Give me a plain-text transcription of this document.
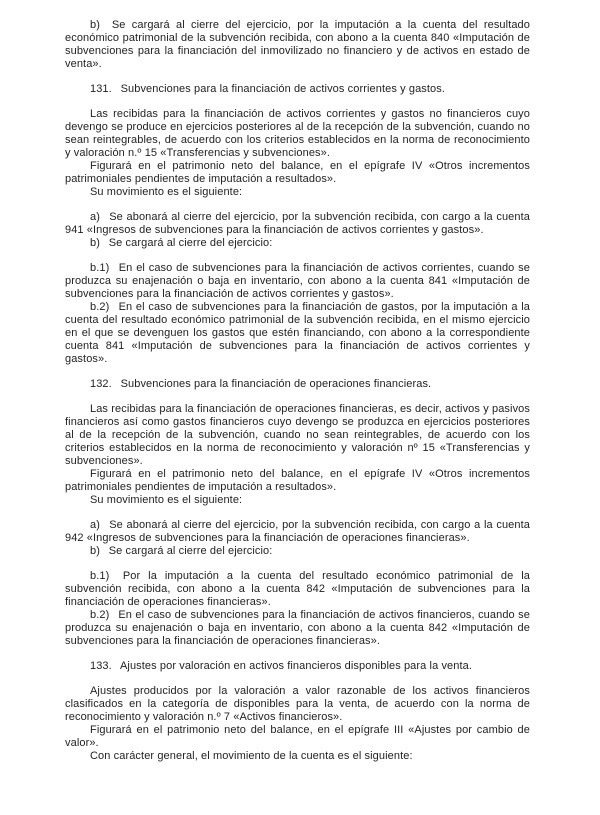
b)  Se cargará al cierre del ejercicio, por la imputación a la cuenta del resultado económico patrimonial de la subvención recibida, con abono a la cuenta 840 «Imputación de subvenciones para la financiación del inmovilizado no financiero y de activos en estado de venta».

131.  Subvenciones para la financiación de activos corrientes y gastos.

Las recibidas para la financiación de activos corrientes y gastos no financieros cuyo devengo se produce en ejercicios posteriores al de la recepción de la subvención, cuando no sean reintegrables, de acuerdo con los criterios establecidos en la norma de reconocimiento y valoración n.º 15 «Transferencias y subvenciones».

Figurará en el patrimonio neto del balance, en el epígrafe IV «Otros incrementos patrimoniales pendientes de imputación a resultados».

Su movimiento es el siguiente:

a)  Se abonará al cierre del ejercicio, por la subvención recibida, con cargo a la cuenta 941 «Ingresos de subvenciones para la financiación de activos corrientes y gastos».

b)  Se cargará al cierre del ejercicio:

b.1)  En el caso de subvenciones para la financiación de activos corrientes, cuando se produzca su enajenación o baja en inventario, con abono a la cuenta 841 «Imputación de subvenciones para la financiación de activos corrientes y gastos».

b.2)  En el caso de subvenciones para la financiación de gastos, por la imputación a la cuenta del resultado económico patrimonial de la subvención recibida, en el mismo ejercicio en el que se devenguen los gastos que estén financiando, con abono a la correspondiente cuenta 841 «Imputación de subvenciones para la financiación de activos corrientes y gastos».

132.  Subvenciones para la financiación de operaciones financieras.

Las recibidas para la financiación de operaciones financieras, es decir, activos y pasivos financieros así como gastos financieros cuyo devengo se produzca en ejercicios posteriores al de la recepción de la subvención, cuando no sean reintegrables, de acuerdo con los criterios establecidos en la norma de reconocimiento y valoración nº 15 «Transferencias y subvenciones».

Figurará en el patrimonio neto del balance, en el epígrafe IV «Otros incrementos patrimoniales pendientes de imputación a resultados».

Su movimiento es el siguiente:

a)  Se abonará al cierre del ejercicio, por la subvención recibida, con cargo a la cuenta 942 «Ingresos de subvenciones para la financiación de operaciones financieras».

b)  Se cargará al cierre del ejercicio:

b.1)  Por la imputación a la cuenta del resultado económico patrimonial de la subvención recibida, con abono a la cuenta 842 «Imputación de subvenciones para la financiación de operaciones financieras».

b.2)  En el caso de subvenciones para la financiación de activos financieros, cuando se produzca su enajenación o baja en inventario, con abono a la cuenta 842 «Imputación de subvenciones para la financiación de operaciones financieras».

133.  Ajustes por valoración en activos financieros disponibles para la venta.

Ajustes producidos por la valoración a valor razonable de los activos financieros clasificados en la categoría de disponibles para la venta, de acuerdo con la norma de reconocimiento y valoración n.º 7 «Activos financieros».

Figurará en el patrimonio neto del balance, en el epígrafe III «Ajustes por cambio de valor».

Con carácter general, el movimiento de la cuenta es el siguiente:
